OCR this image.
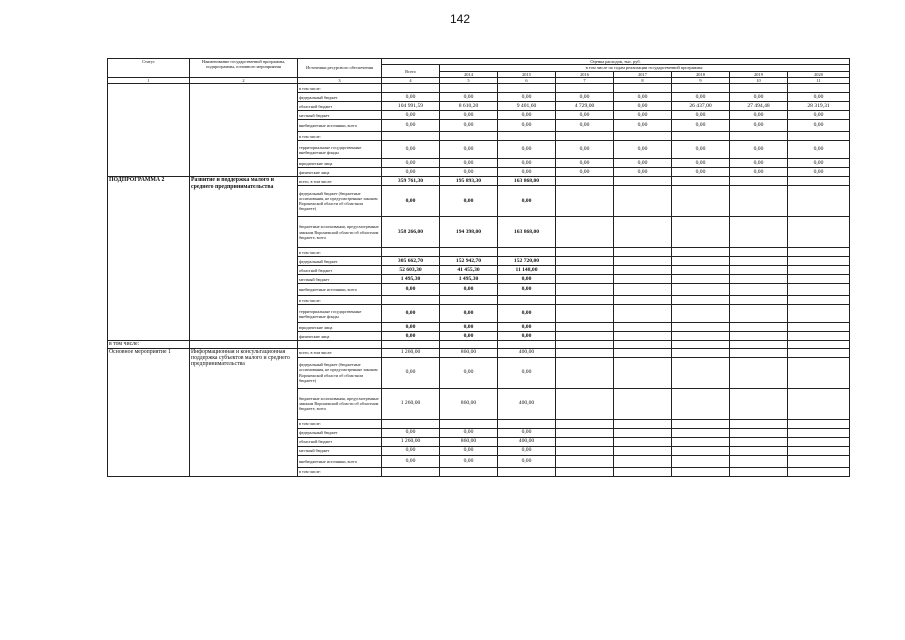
142
Статус	Наименование государственной программы, подпрограммы, основного мероприятия	Источники ресурсного обеспечения	Оценка расходов, тыс. руб.							
			Всего	в том числе по годам реализации государственной программы:						
				2014	2015	2016	2017	2018	2019	2020
1	2	3	4	5	6	7	8	9	10	11
		в том числе:								
		федеральный бюджет	0,00	0,00	0,00	0,00	0,00	0,00	0,00	0,00
		областной бюджет	104 991,59	8 610,20	9 401,60	4 729,00	0,00	26 437,00	27 494,48	28 319,31
		местный бюджет	0,00	0,00	0,00	0,00	0,00	0,00	0,00	0,00
		внебюджетные источники, всего	0,00	0,00	0,00	0,00	0,00	0,00	0,00	0,00
		в том числе:								
		территориальные государственные внебюджетные фонды	0,00	0,00	0,00	0,00	0,00	0,00	0,00	0,00
		юридические лица	0,00	0,00	0,00	0,00	0,00	0,00	0,00	0,00
		физические лица	0,00	0,00	0,00	0,00	0,00	0,00	0,00	0,00
ПОДПРОГРАММА 2	Развитие и поддержка малого и среднего предпринимательства	всего, в том числе:	359 761,30	195 893,30	163 868,00					
		федеральный бюджет (бюджетные ассигнования, не предусмотренные законом Воронежской области об областном бюджете)	0,00	0,00	0,00					
		бюджетные ассигнования, предусмотренные законом Воронежской области об областном бюджете, всего	358 266,00	194 398,00	163 868,00					
		в том числе:								
		федеральный бюджет	305 662,70	152 942,70	152 720,00					
		областной бюджет	52 603,30	41 455,30	11 148,00					
		местный бюджет	1 495,30	1 495,30	0,00					
		внебюджетные источники, всего	0,00	0,00	0,00					
		в том числе:								
		территориальные государственные внебюджетные фонды	0,00	0,00	0,00					
		юридические лица	0,00	0,00	0,00					
		физические лица	0,00	0,00	0,00					
в том числе:										
Основное мероприятие 1	Информационная и консультационная поддержка субъектов малого и среднего предпринимательства	всего, в том числе:	1 260,00	860,00	400,00					
		федеральный бюджет (бюджетные ассигнования, не предусмотренные законом Воронежской области об областном бюджете)	0,00	0,00	0,00					
		бюджетные ассигнования, предусмотренные законом Воронежской области об областном бюджете, всего	1 260,00	860,00	400,00					
		в том числе:								
		федеральный бюджет	0,00	0,00	0,00					
		областной бюджет	1 260,00	860,00	400,00					
		местный бюджет	0,00	0,00	0,00					
		внебюджетные источники, всего	0,00	0,00	0,00					
		в том числе:								
